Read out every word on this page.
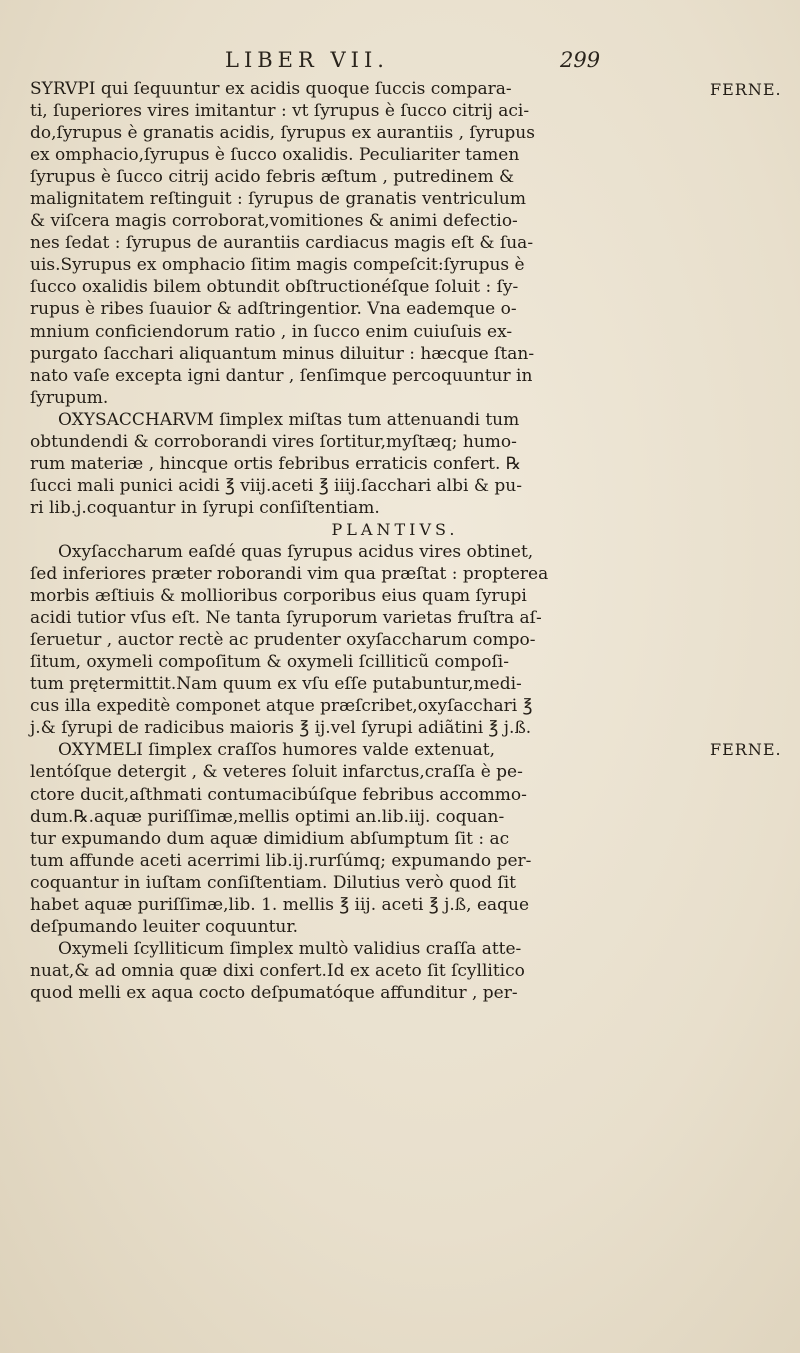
LIBER VII.	299
FERNE.
FERNE.
SYRVPI qui ſequuntur ex acidis quoque ſuccis compara-
ti, ſuperiores vires imitantur : vt ſyrupus è ſucco citrij aci-
do,ſyrupus è granatis acidis, ſyrupus ex aurantiis , ſyrupus
ex omphacio,ſyrupus è ſucco oxalidis. Peculiariter tamen
ſyrupus è ſucco citrij acido febris æſtum , putredinem &
malignitatem reſtinguit : ſyrupus de granatis ventriculum
& viſcera magis corroborat,vomitiones & animi defectio-
nes ſedat : ſyrupus de aurantiis cardiacus magis eſt & ſua-
uis.Syrupus ex omphacio ſitim magis compeſcit:ſyrupus è
ſucco oxalidis bilem obtundit obſtructionéſque ſoluit : ſy-
rupus è ribes ſuauior & adſtringentior. Vna eademque o-
mnium conficiendorum ratio , in ſucco enim cuiuſuis ex-
purgato ſacchari aliquantum minus diluitur : hæcque ſtan-
nato vaſe excepta igni dantur , ſenſimque percoquuntur in
ſyrupum.
OXYSACCHARVM ſimplex miſtas tum attenuandi tum
obtundendi & corroborandi vires ſortitur,myſtæq; humo-
rum materiæ , hincque ortis febribus erraticis confert. ℞
ſucci mali punici acidi ℥ viij.aceti ℥ iiij.ſacchari albi & pu-
ri lib.j.coquantur in ſyrupi conſiſtentiam.
PLANTIVS.
Oxyſaccharum eaſdé quas ſyrupus acidus vires obtinet,
ſed inferiores præter roborandi vim qua præſtat : propterea
morbis æſtiuis & mollioribus corporibus eius quam ſyrupi
acidi tutior vſus eſt. Ne tanta ſyruporum varietas fruſtra aſ-
ſeruetur , auctor rectè ac prudenter oxyſaccharum compo-
ſitum, oxymeli compoſitum & oxymeli ſcilliticũ compoſi-
tum prętermittit.Nam quum ex vſu eſſe putabuntur,medi-
cus illa expeditè componet atque præſcribet,oxyſacchari ℥
j.& ſyrupi de radicibus maioris ℥ ij.vel ſyrupi adiãtini ℥ j.ß.
OXYMELI ſimplex craſſos humores valde extenuat,
lentóſque detergit , & veteres ſoluit infarctus,craſſa è pe-
ctore ducit,aſthmati contumacibúſque febribus accommo-
dum.℞.aquæ puriſſimæ,mellis optimi an.lib.iij. coquan-
tur expumando dum aquæ dimidium abſumptum ſit : ac
tum affunde aceti acerrimi lib.ij.rurſúmq; expumando per-
coquantur in iuſtam conſiſtentiam. Dilutius verò quod ſit
habet aquæ puriſſimæ,lib. 1. mellis ℥ iij. aceti ℥ j.ß, eaque
deſpumando leuiter coquuntur.
Oxymeli ſcylliticum ſimplex multò validius craſſa atte-
nuat,& ad omnia quæ dixi confert.Id ex aceto ſit ſcyllitico
quod melli ex aqua coctо deſpumatóque affunditur , per-
